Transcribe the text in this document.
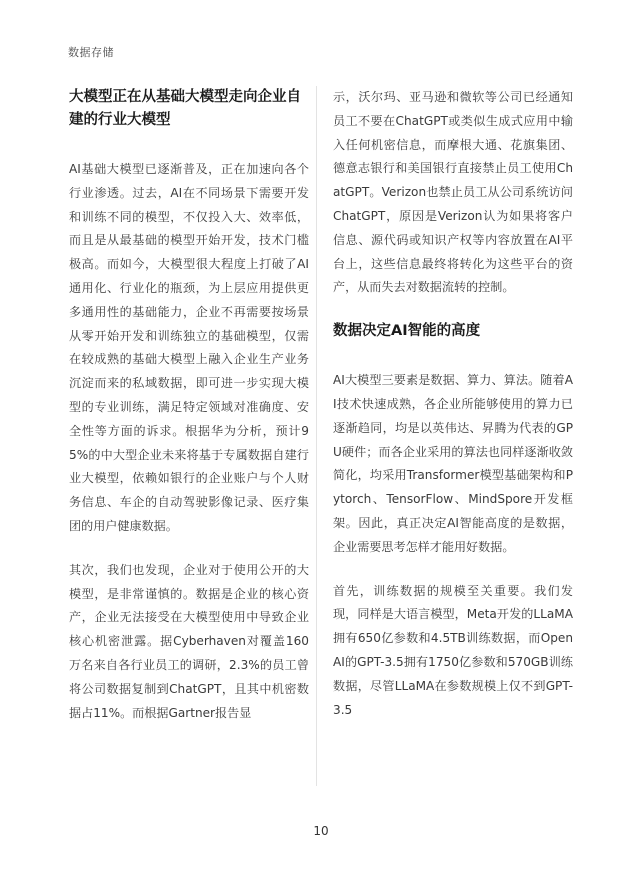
数据存储
大模型正在从基础大模型走向企业自建的行业大模型

AI基础大模型已逐渐普及，正在加速向各个行业渗透。过去，AI在不同场景下需要开发和训练不同的模型，不仅投入大、效率低，而且是从最基础的模型开始开发，技术门槛极高。而如今，大模型很大程度上打破了AI通用化、行业化的瓶颈，为上层应用提供更多通用性的基础能力，企业不再需要按场景从零开始开发和训练独立的基础模型，仅需在较成熟的基础大模型上融入企业生产业务沉淀而来的私域数据，即可进一步实现大模型的专业训练，满足特定领域对准确度、安全性等方面的诉求。根据华为分析，预计95%的中大型企业未来将基于专属数据自建行业大模型，依赖如银行的企业账户与个人财务信息、车企的自动驾驶影像记录、医疗集团的用户健康数据。

其次，我们也发现，企业对于使用公开的大模型，是非常谨慎的。数据是企业的核心资产，企业无法接受在大模型使用中导致企业核心机密泄露。据Cyberhaven对覆盖160万名来自各行业员工的调研，2.3%的员工曾将公司数据复制到ChatGPT，且其中机密数据占11%。而根据Gartner报告显

示，沃尔玛、亚马逊和微软等公司已经通知员工不要在ChatGPT或类似生成式应用中输入任何机密信息，而摩根大通、花旗集团、德意志银行和美国银行直接禁止员工使用ChatGPT。Verizon也禁止员工从公司系统访问ChatGPT，原因是Verizon认为如果将客户信息、源代码或知识产权等内容放置在AI平台上，这些信息最终将转化为这些平台的资产，从而失去对数据流转的控制。

数据决定AI智能的高度

AI大模型三要素是数据、算力、算法。随着AI技术快速成熟，各企业所能够使用的算力已逐渐趋同，均是以英伟达、昇腾为代表的GPU硬件；而各企业采用的算法也同样逐渐收敛简化，均采用Transformer模型基础架构和Pytorch、TensorFlow、MindSpore开发框架。因此，真正决定AI智能高度的是数据，企业需要思考怎样才能用好数据。

首先，训练数据的规模至关重要。我们发现，同样是大语言模型，Meta开发的LLaMA拥有650亿参数和4.5TB训练数据，而OpenAI的GPT-3.5拥有1750亿参数和570GB训练数据，尽管LLaMA在参数规模上仅不到GPT-3.5

10
